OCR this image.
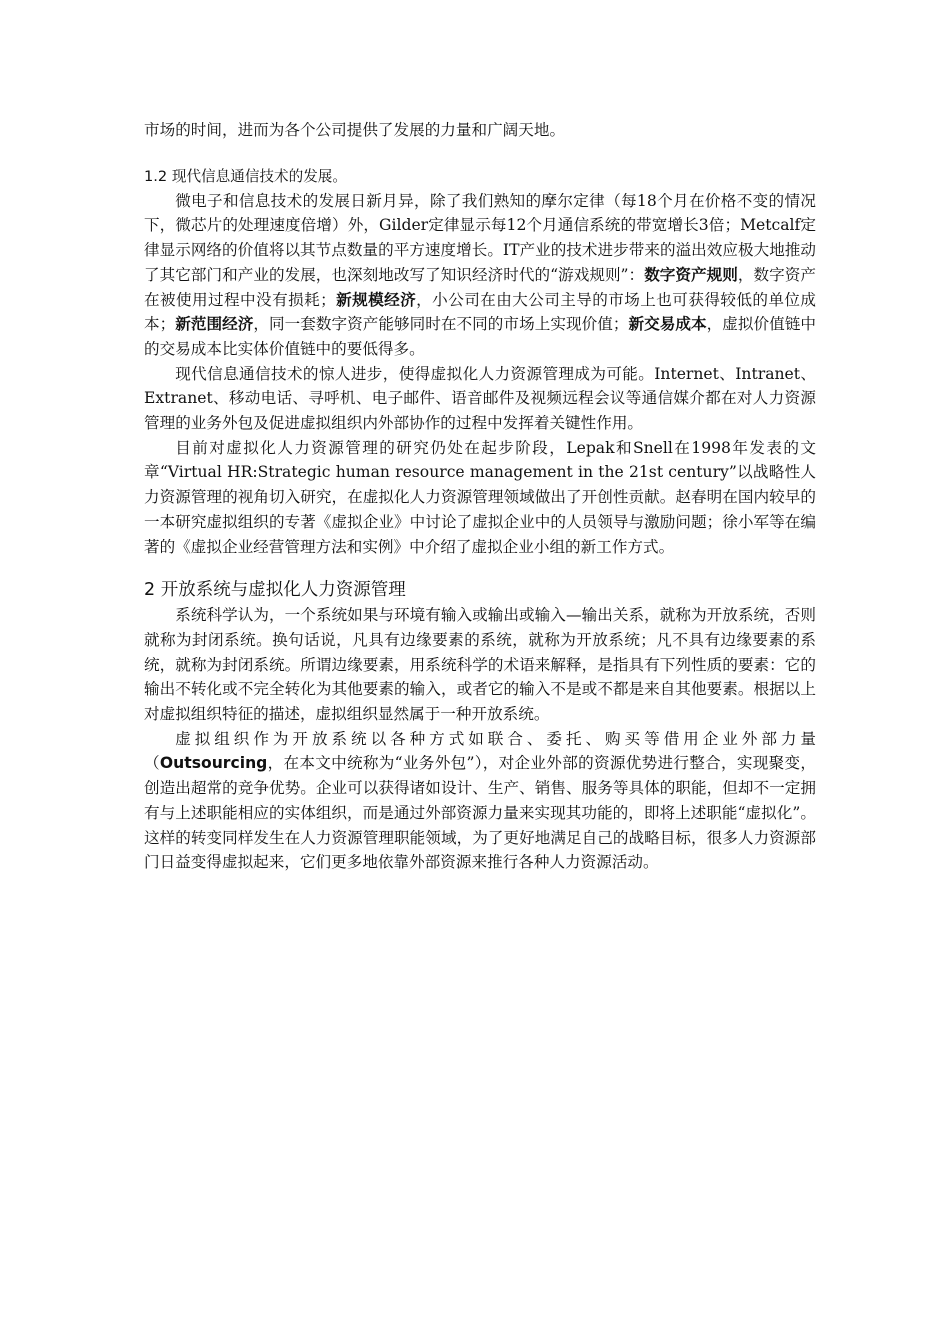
市场的时间，进而为各个公司提供了发展的力量和广阔天地。

1.2 现代信息通信技术的发展。

微电子和信息技术的发展日新月异，除了我们熟知的摩尔定律（每18个月在价格不变的情况下，微芯片的处理速度倍增）外，Gilder定律显示每12个月通信系统的带宽增长3倍；Metcalf定律显示网络的价值将以其节点数量的平方速度增长。IT产业的技术进步带来的溢出效应极大地推动了其它部门和产业的发展，也深刻地改写了知识经济时代的“游戏规则”：数字资产规则，数字资产在被使用过程中没有损耗；新规模经济，小公司在由大公司主导的市场上也可获得较低的单位成本；新范围经济，同一套数字资产能够同时在不同的市场上实现价值；新交易成本，虚拟价值链中的交易成本比实体价值链中的要低得多。

现代信息通信技术的惊人进步，使得虚拟化人力资源管理成为可能。Internet、Intranet、Extranet、移动电话、寻呼机、电子邮件、语音邮件及视频远程会议等通信媒介都在对人力资源管理的业务外包及促进虚拟组织内外部协作的过程中发挥着关键性作用。

目前对虚拟化人力资源管理的研究仍处在起步阶段，Lepak和Snell在1998年发表的文章“Virtual HR:Strategic human resource management in the 21st century”以战略性人力资源管理的视角切入研究，在虚拟化人力资源管理领域做出了开创性贡献。赵春明在国内较早的一本研究虚拟组织的专著《虚拟企业》中讨论了虚拟企业中的人员领导与激励问题；徐小军等在编著的《虚拟企业经营管理方法和实例》中介绍了虚拟企业小组的新工作方式。

2 开放系统与虚拟化人力资源管理

系统科学认为，一个系统如果与环境有输入或输出或输入—输出关系，就称为开放系统，否则就称为封闭系统。换句话说，凡具有边缘要素的系统，就称为开放系统；凡不具有边缘要素的系统，就称为封闭系统。所谓边缘要素，用系统科学的术语来解释，是指具有下列性质的要素：它的输出不转化或不完全转化为其他要素的输入，或者它的输入不是或不都是来自其他要素。根据以上对虚拟组织特征的描述，虚拟组织显然属于一种开放系统。

虚拟组织作为开放系统以各种方式如联合、委托、购买等借用企业外部力量（Outsourcing，在本文中统称为“业务外包”），对企业外部的资源优势进行整合，实现聚变，创造出超常的竞争优势。企业可以获得诸如设计、生产、销售、服务等具体的职能，但却不一定拥有与上述职能相应的实体组织，而是通过外部资源力量来实现其功能的，即将上述职能“虚拟化”。这样的转变同样发生在人力资源管理职能领域，为了更好地满足自己的战略目标，很多人力资源部门日益变得虚拟起来，它们更多地依靠外部资源来推行各种人力资源活动。
